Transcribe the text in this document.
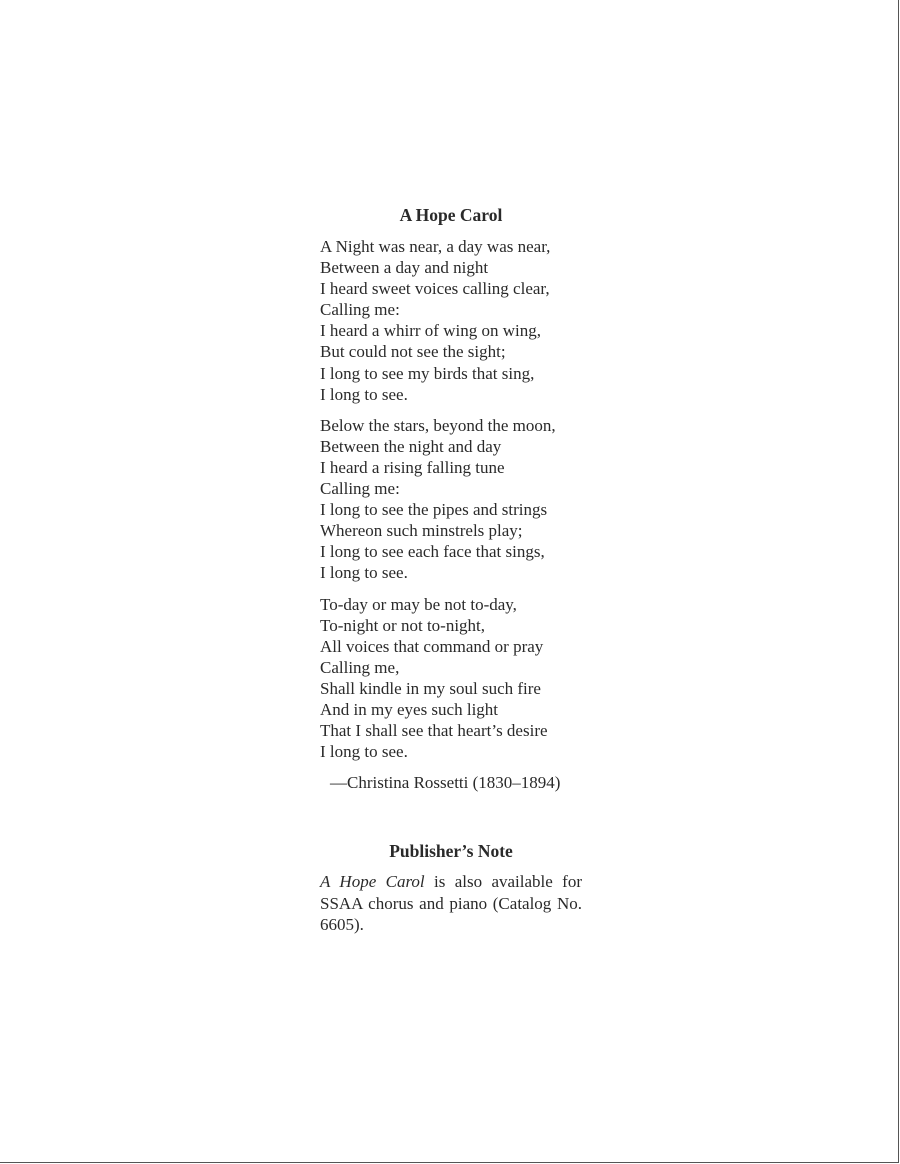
A Hope Carol
A Night was near, a day was near,
Between a day and night
I heard sweet voices calling clear,
Calling me:
I heard a whirr of wing on wing,
But could not see the sight;
I long to see my birds that sing,
I long to see.
Below the stars, beyond the moon,
Between the night and day
I heard a rising falling tune
Calling me:
I long to see the pipes and strings
Whereon such minstrels play;
I long to see each face that sings,
I long to see.
To-day or may be not to-day,
To-night or not to-night,
All voices that command or pray
Calling me,
Shall kindle in my soul such fire
And in my eyes such light
That I shall see that heart’s desire
I long to see.
—Christina Rossetti (1830–1894)
Publisher’s Note
A Hope Carol is also available for SSAA chorus and piano (Catalog No. 6605).
